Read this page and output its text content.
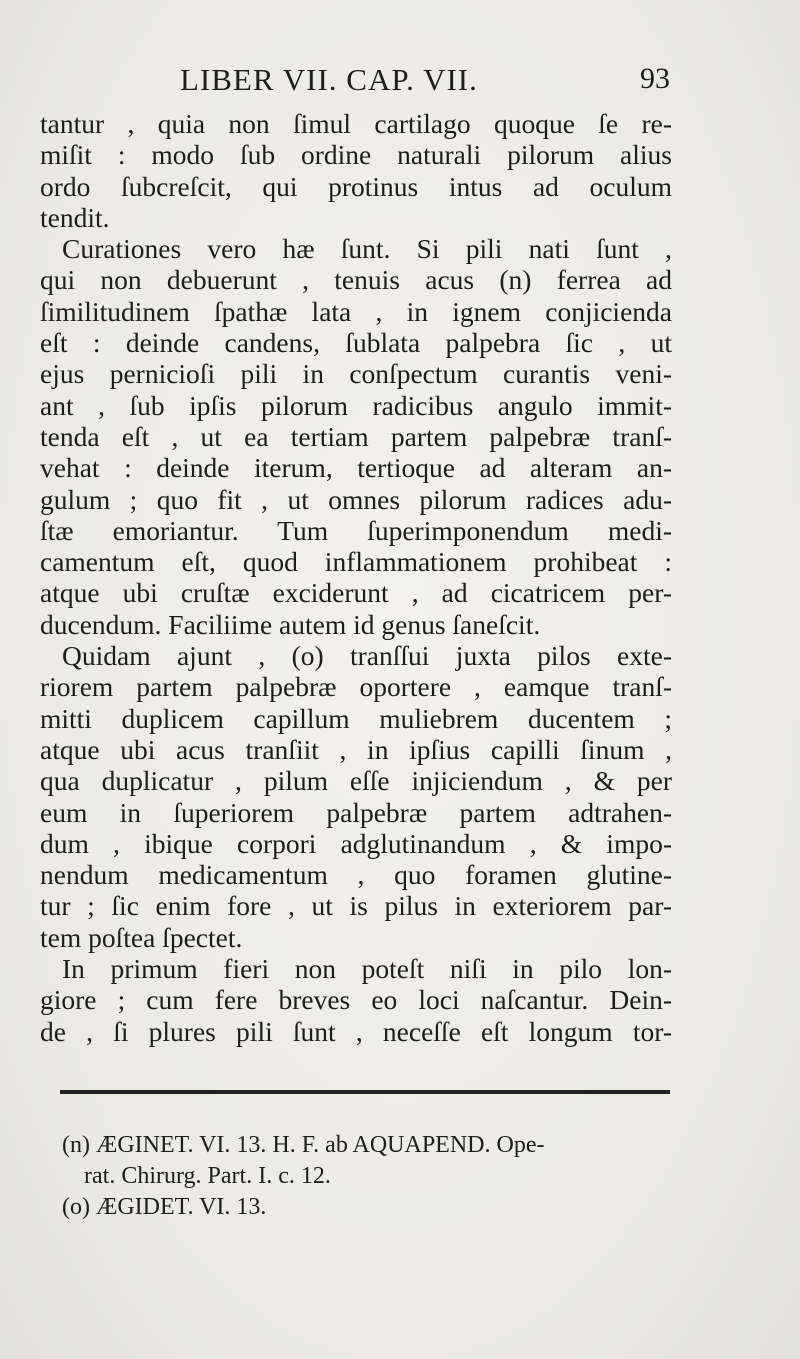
LIBER VII. CAP. VII.	93
tantur , quia non ſimul cartilago quoque ſe re-
miſit : modo ſub ordine naturali pilorum alius
ordo ſubcreſcit, qui protinus intus ad oculum
tendit.
Curationes vero hæ ſunt. Si pili nati ſunt ,
qui non debuerunt , tenuis acus (n) ferrea ad
ſimilitudinem ſpathæ lata , in ignem conjicienda
eſt : deinde candens, ſublata palpebra ſic , ut
ejus pernicioſi pili in conſpectum curantis veni-
ant , ſub ipſis pilorum radicibus angulo immit-
tenda eſt , ut ea tertiam partem palpebræ tranſ-
vehat : deinde iterum, tertioque ad alteram an-
gulum ; quo fit , ut omnes pilorum radices adu-
ſtæ emoriantur. Tum ſuperimponendum medi-
camentum eſt, quod inflammationem prohibeat :
atque ubi cruſtæ exciderunt , ad cicatricem per-
ducendum. Faciliime autem id genus ſaneſcit.
Quidam ajunt , (o) tranſſui juxta pilos exte-
riorem partem palpebræ oportere , eamque tranſ-
mitti duplicem capillum muliebrem ducentem ;
atque ubi acus tranſiit , in ipſius capilli ſinum ,
qua duplicatur , pilum eſſe injiciendum , & per
eum in ſuperiorem palpebræ partem adtrahen-
dum , ibique corpori adglutinandum , & impo-
nendum medicamentum , quo foramen glutine-
tur ; ſic enim fore , ut is pilus in exteriorem par-
tem poſtea ſpectet.
In primum fieri non poteſt niſi in pilo lon-
giore ; cum fere breves eo loci naſcantur. Dein-
de , ſi plures pili ſunt , neceſſe eſt longum tor-
(n) ÆGINET. VI. 13. H. F. ab AQUAPEND. Ope-
rat. Chirurg. Part. I. c. 12.
(o) ÆGIDET. VI. 13.
